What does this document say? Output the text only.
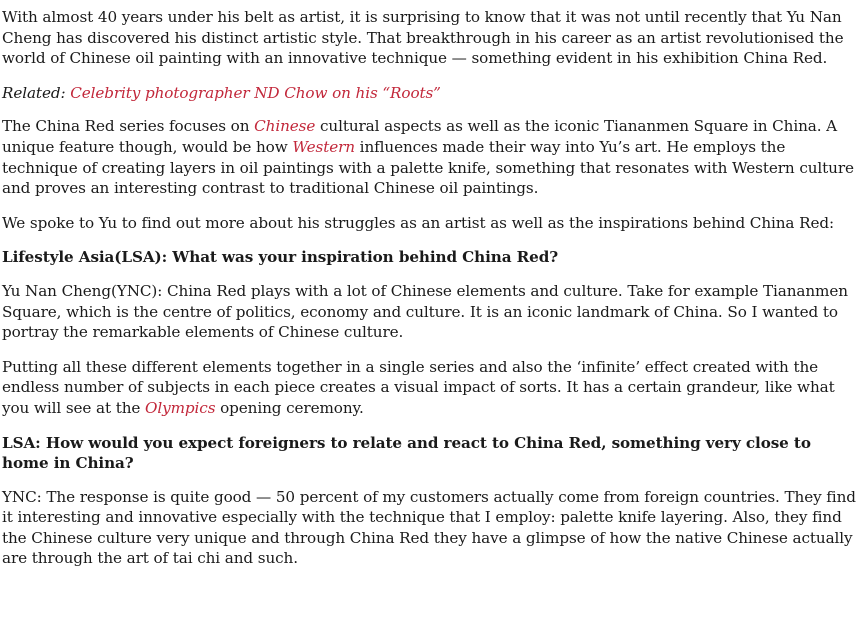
With almost 40 years under his belt as artist, it is surprising to know that it was not until recently that Yu Nan Cheng has discovered his distinct artistic style. That breakthrough in his career as an artist revolutionised the world of Chinese oil painting with an innovative technique — something evident in his exhibition China Red.

Related: Celebrity photographer ND Chow on his “Roots”

The China Red series focuses on Chinese cultural aspects as well as the iconic Tiananmen Square in China. A unique feature though, would be how Western influences made their way into Yu’s art. He employs the technique of creating layers in oil paintings with a palette knife, something that resonates with Western culture and proves an interesting contrast to traditional Chinese oil paintings.

We spoke to Yu to find out more about his struggles as an artist as well as the inspirations behind China Red:

Lifestyle Asia(LSA): What was your inspiration behind China Red?

Yu Nan Cheng(YNC): China Red plays with a lot of Chinese elements and culture. Take for example Tiananmen Square, which is the centre of politics, economy and culture. It is an iconic landmark of China. So I wanted to portray the remarkable elements of Chinese culture.

Putting all these different elements together in a single series and also the ‘infinite’ effect created with the endless number of subjects in each piece creates a visual impact of sorts. It has a certain grandeur, like what you will see at the Olympics opening ceremony.

LSA: How would you expect foreigners to relate and react to China Red, something very close to home in China?

YNC: The response is quite good — 50 percent of my customers actually come from foreign countries. They find it interesting and innovative especially with the technique that I employ: palette knife layering. Also, they find the Chinese culture very unique and through China Red they have a glimpse of how the native Chinese actually are through the art of tai chi and such.
